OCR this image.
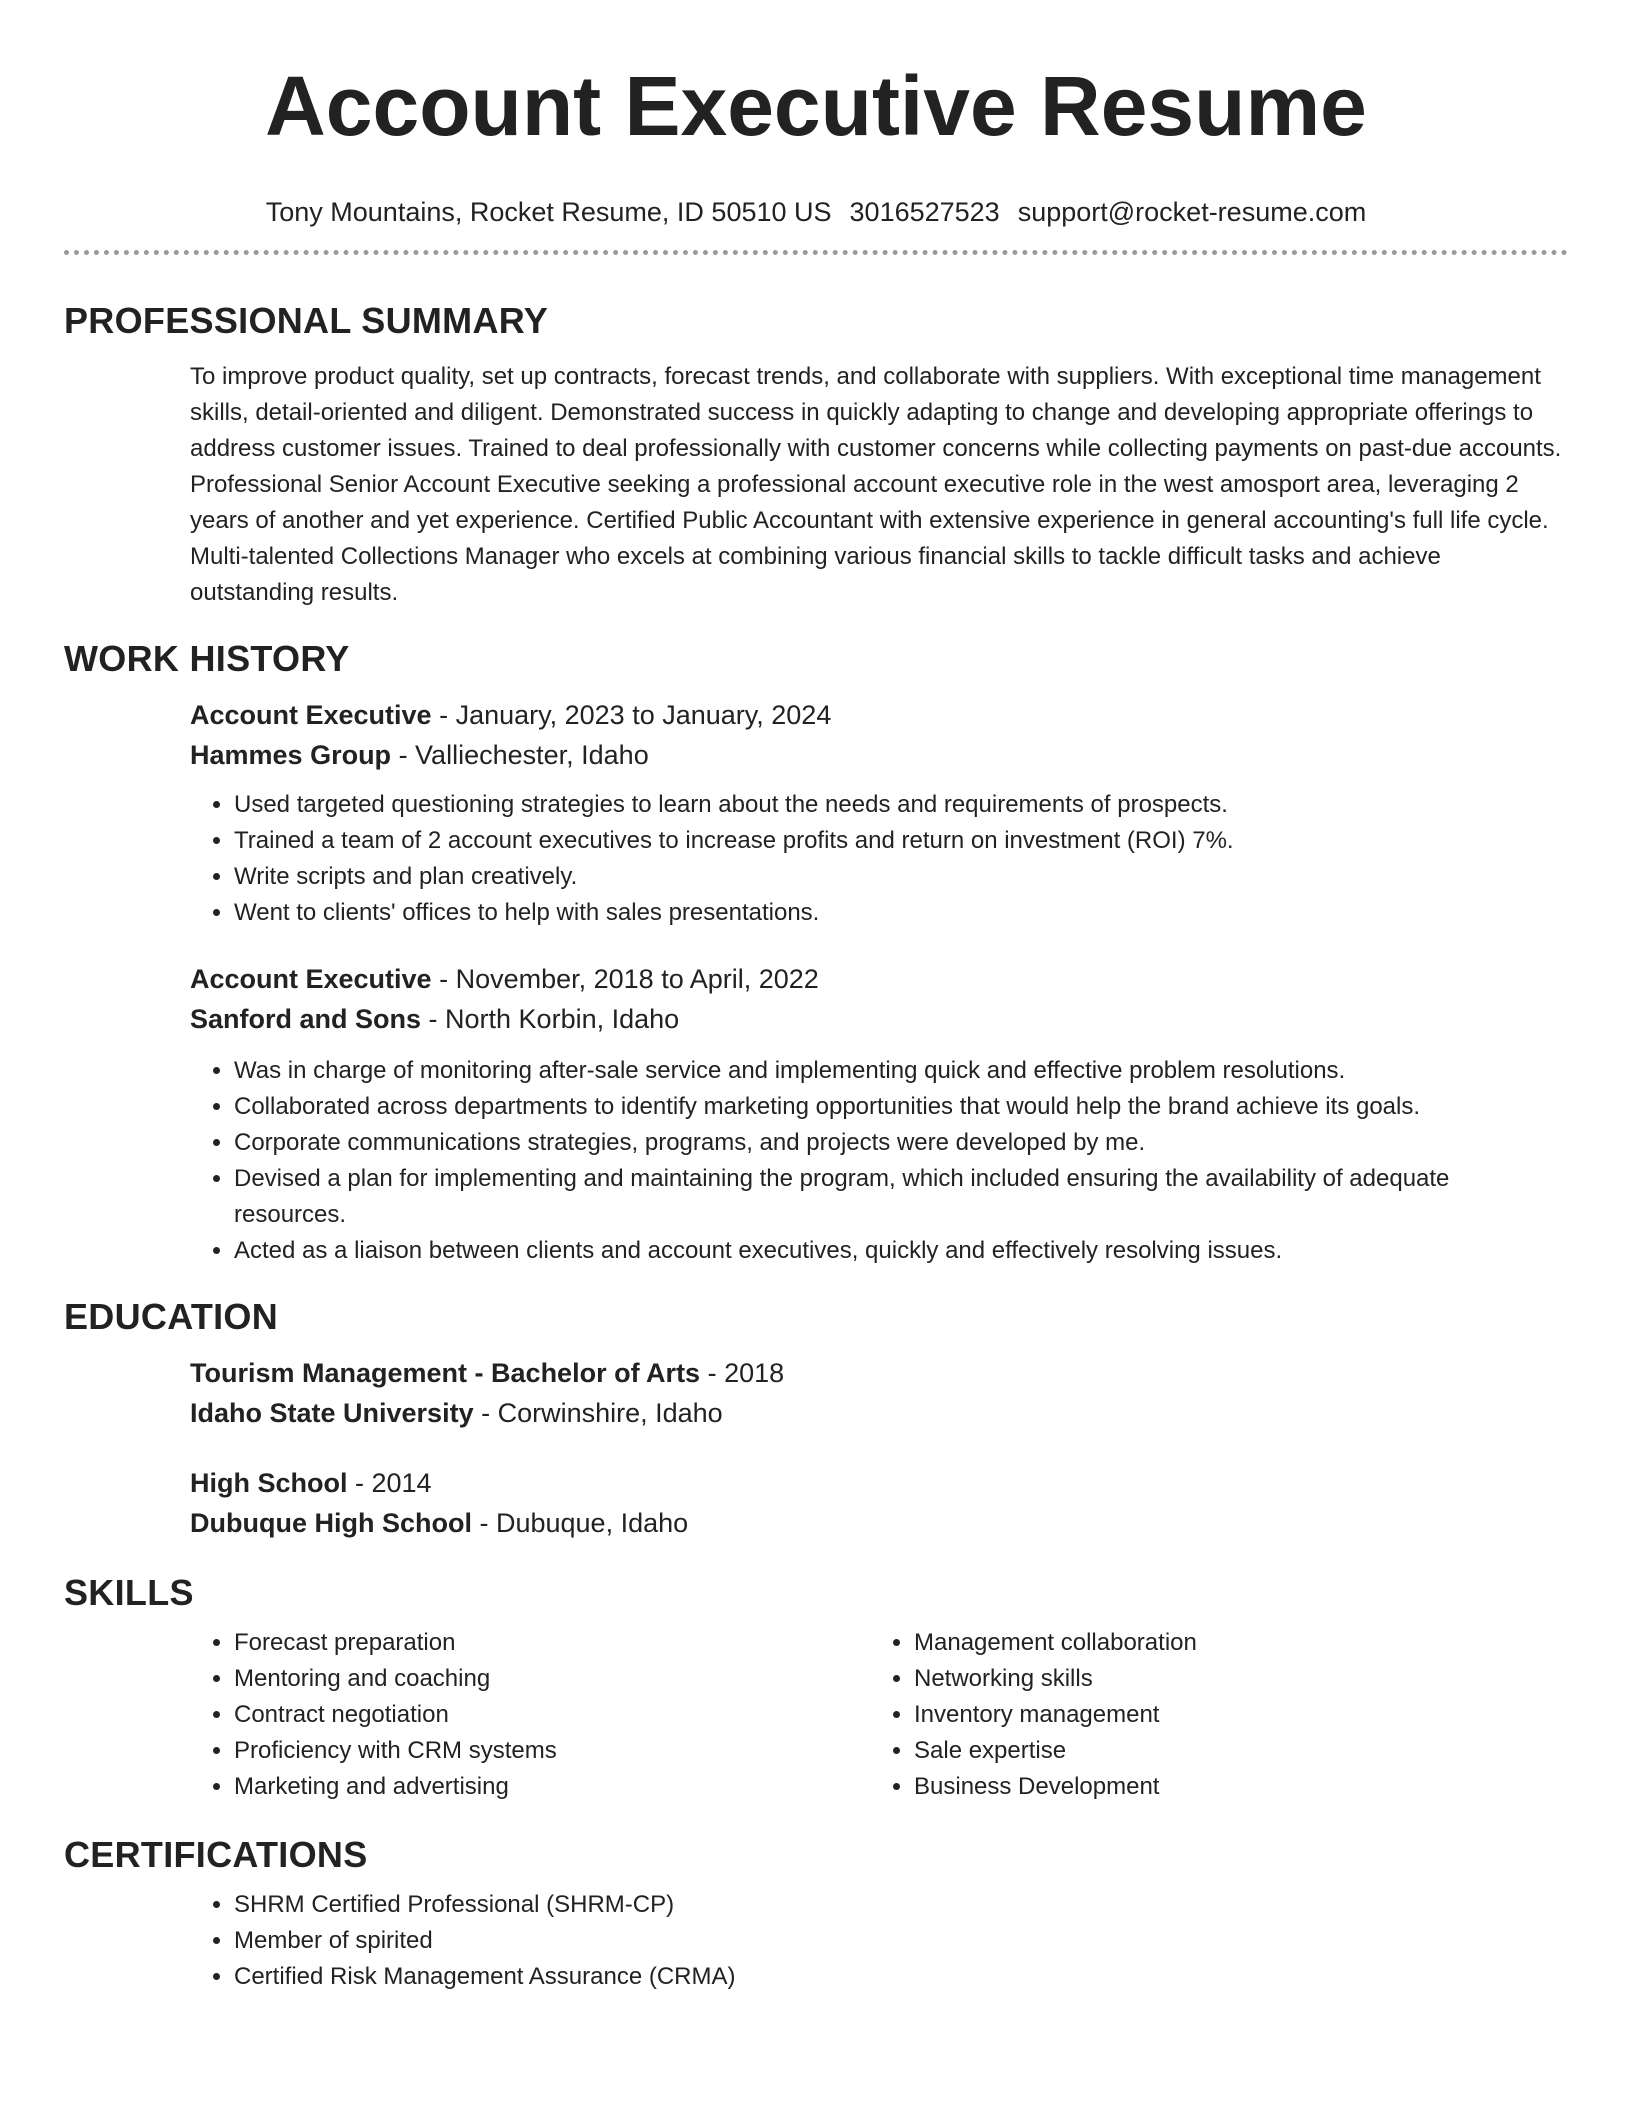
Account Executive Resume
Tony Mountains, Rocket Resume, ID 50510 US 3016527523 support@rocket-resume.com
PROFESSIONAL SUMMARY

To improve product quality, set up contracts, forecast trends, and collaborate with suppliers. With exceptional time management skills, detail-oriented and diligent. Demonstrated success in quickly adapting to change and developing appropriate offerings to address customer issues. Trained to deal professionally with customer concerns while collecting payments on past-due accounts. Professional Senior Account Executive seeking a professional account executive role in the west amosport area, leveraging 2 years of another and yet experience. Certified Public Accountant with extensive experience in general accounting's full life cycle. Multi-talented Collections Manager who excels at combining various financial skills to tackle difficult tasks and achieve outstanding results.

WORK HISTORY
Account Executive - January, 2023 to January, 2024
Hammes Group - Valliechester, Idaho
• Used targeted questioning strategies to learn about the needs and requirements of prospects.
• Trained a team of 2 account executives to increase profits and return on investment (ROI) 7%.
• Write scripts and plan creatively.
• Went to clients' offices to help with sales presentations.
Account Executive - November, 2018 to April, 2022
Sanford and Sons - North Korbin, Idaho
• Was in charge of monitoring after-sale service and implementing quick and effective problem resolutions.
• Collaborated across departments to identify marketing opportunities that would help the brand achieve its goals.
• Corporate communications strategies, programs, and projects were developed by me.
• Devised a plan for implementing and maintaining the program, which included ensuring the availability of adequate resources.
• Acted as a liaison between clients and account executives, quickly and effectively resolving issues.
EDUCATION
Tourism Management - Bachelor of Arts - 2018
Idaho State University - Corwinshire, Idaho
High School - 2014
Dubuque High School - Dubuque, Idaho
SKILLS
• Forecast preparation
• Mentoring and coaching
• Contract negotiation
• Proficiency with CRM systems
• Marketing and advertising
• Management collaboration
• Networking skills
• Inventory management
• Sale expertise
• Business Development
CERTIFICATIONS
• SHRM Certified Professional (SHRM-CP)
• Member of spirited
• Certified Risk Management Assurance (CRMA)
